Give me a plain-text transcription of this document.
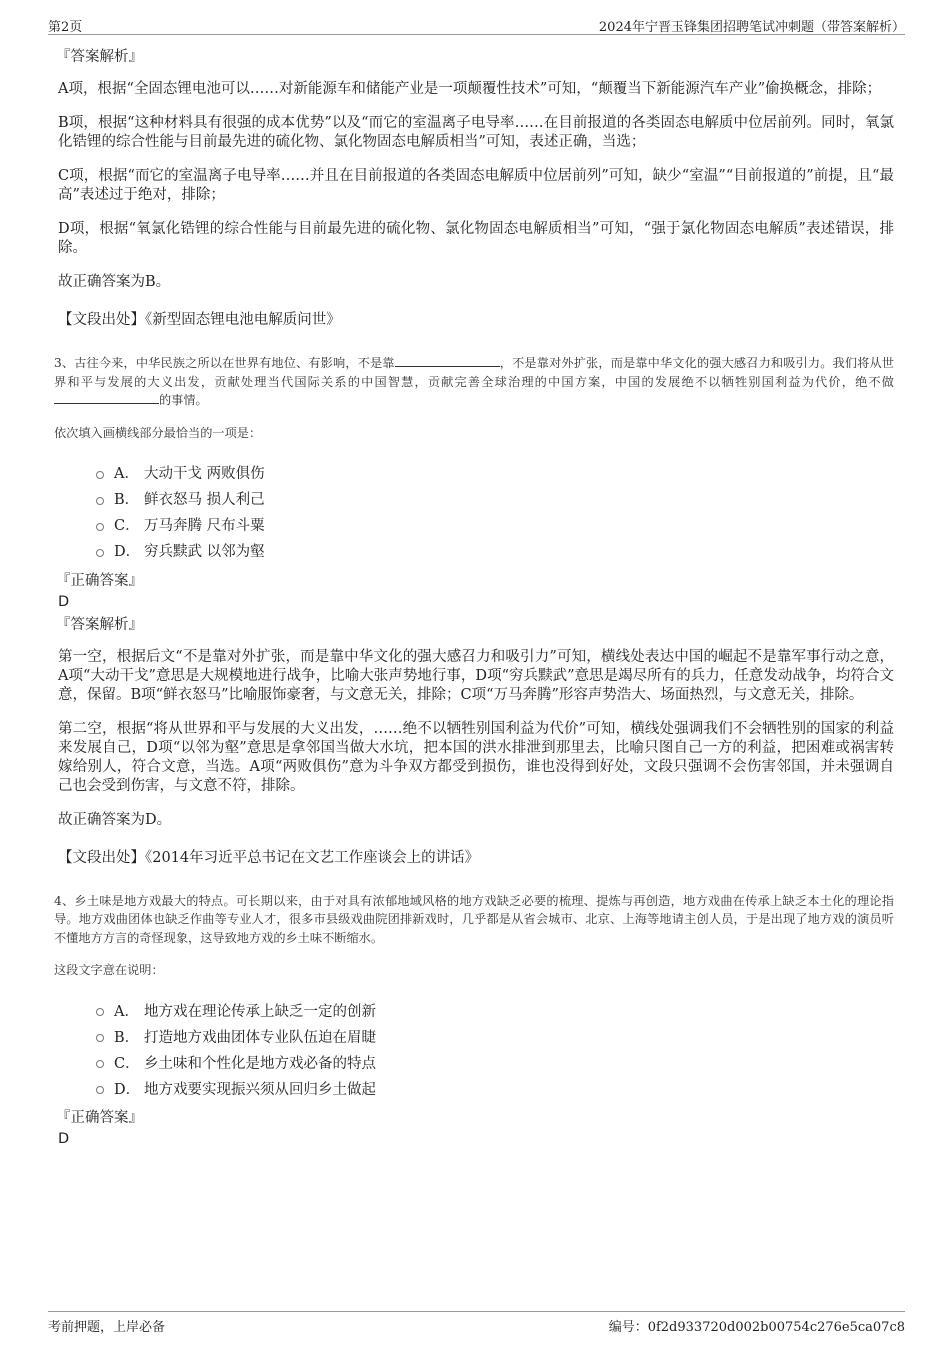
第2页	2024年宁晋玉锋集团招聘笔试冲刺题（带答案解析）

『答案解析』

A项，根据“全固态锂电池可以……对新能源车和储能产业是一项颠覆性技术”可知，“颠覆当下新能源汽车产业”偷换概念，排除；

B项，根据“这种材料具有很强的成本优势”以及“而它的室温离子电导率……在目前报道的各类固态电解质中位居前列。同时，氧氯化锆锂的综合性能与目前最先进的硫化物、氯化物固态电解质相当”可知，表述正确，当选；

C项，根据“而它的室温离子电导率……并且在目前报道的各类固态电解质中位居前列”可知，缺少“室温”“目前报道的”前提，且“最高”表述过于绝对，排除；

D项，根据“氧氯化锆锂的综合性能与目前最先进的硫化物、氯化物固态电解质相当”可知，“强于氯化物固态电解质”表述错误，排除。

故正确答案为B。

【文段出处】《新型固态锂电池电解质问世》

3、古往今来，中华民族之所以在世界有地位、有影响，不是靠	，不是靠对外扩张，而是靠中华文化的强大感召力和吸引力。我们将从世界和平与发展的大义出发，贡献处理当代国际关系的中国智慧，贡献完善全球治理的中国方案，中国的发展绝不以牺牲别国利益为代价，绝不做的事情。

依次填入画横线部分最恰当的一项是：

A． 大动干戈 两败俱伤
B． 鲜衣怒马 损人利己
C． 万马奔腾 尺布斗粟
D． 穷兵黩武 以邻为壑

『正确答案』

D

『答案解析』

第一空，根据后文“不是靠对外扩张，而是靠中华文化的强大感召力和吸引力”可知，横线处表达中国的崛起不是靠军事行动之意，A项“大动干戈”意思是大规模地进行战争，比喻大张声势地行事，D项“穷兵黩武”意思是竭尽所有的兵力，任意发动战争，均符合文意，保留。B项“鲜衣怒马”比喻服饰豪奢，与文意无关，排除；C项“万马奔腾”形容声势浩大、场面热烈，与文意无关，排除。

第二空，根据“将从世界和平与发展的大义出发，……绝不以牺牲别国利益为代价”可知，横线处强调我们不会牺牲别的国家的利益来发展自己，D项“以邻为壑”意思是拿邻国当做大水坑，把本国的洪水排泄到那里去，比喻只图自己一方的利益，把困难或祸害转嫁给别人，符合文意，当选。A项“两败俱伤”意为斗争双方都受到损伤，谁也没得到好处，文段只强调不会伤害邻国，并未强调自己也会受到伤害，与文意不符，排除。

故正确答案为D。

【文段出处】《2014年习近平总书记在文艺工作座谈会上的讲话》

4、乡土味是地方戏最大的特点。可长期以来，由于对具有浓郁地域风格的地方戏缺乏必要的梳理、提炼与再创造，地方戏曲在传承上缺乏本土化的理论指导。地方戏曲团体也缺乏作曲等专业人才，很多市县级戏曲院团排新戏时，几乎都是从省会城市、北京、上海等地请主创人员，于是出现了地方戏的演员听不懂地方方言的奇怪现象，这导致地方戏的乡土味不断缩水。

这段文字意在说明：

A． 地方戏在理论传承上缺乏一定的创新
B． 打造地方戏曲团体专业队伍迫在眉睫
C． 乡土味和个性化是地方戏必备的特点
D． 地方戏要实现振兴须从回归乡土做起

『正确答案』

D

考前押题，上岸必备	编号：0f2d933720d002b00754c276e5ca07c8
